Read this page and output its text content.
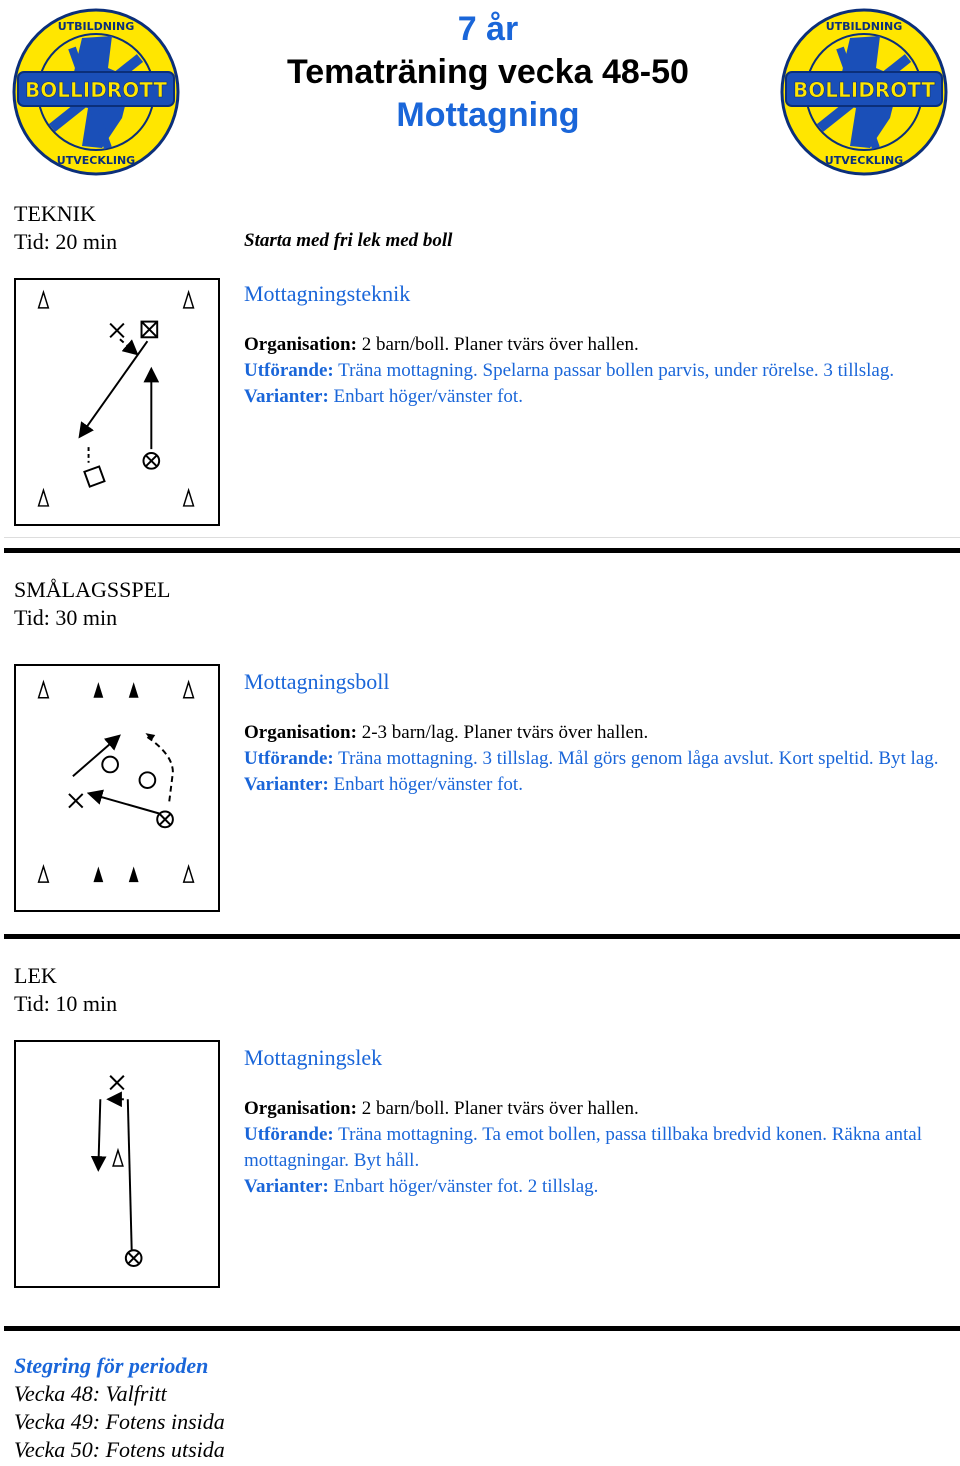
BOLLIDROTT
UTBILDNING
UTVECKLING
7 år
Tematräning vecka 48-50
Mottagning
BOLLIDROTT
UTBILDNING
UTVECKLING
TEKNIK
Tid: 20 min	Starta med fri lek med boll
Mottagningsteknik

Organisation: 2 barn/boll. Planer tvärs över hallen.

Utförande: Träna mottagning. Spelarna passar bollen parvis, under rörelse. 3 tillslag.

Varianter: Enbart höger/vänster fot.

SMÅLAGSSPEL
Tid: 30 min
Mottagningsboll

Organisation: 2-3 barn/lag. Planer tvärs över hallen.

Utförande: Träna mottagning. 3 tillslag. Mål görs genom låga avslut. Kort speltid. Byt lag.

Varianter: Enbart höger/vänster fot.

LEK
Tid: 10 min
Mottagningslek

Organisation: 2 barn/boll. Planer tvärs över hallen.

Utförande: Träna mottagning. Ta emot bollen, passa tillbaka bredvid konen. Räkna antal mottagningar. Byt håll.

Varianter: Enbart höger/vänster fot. 2 tillslag.

Stegring för perioden
Vecka 48: Valfritt
Vecka 49: Fotens insida
Vecka 50: Fotens utsida
